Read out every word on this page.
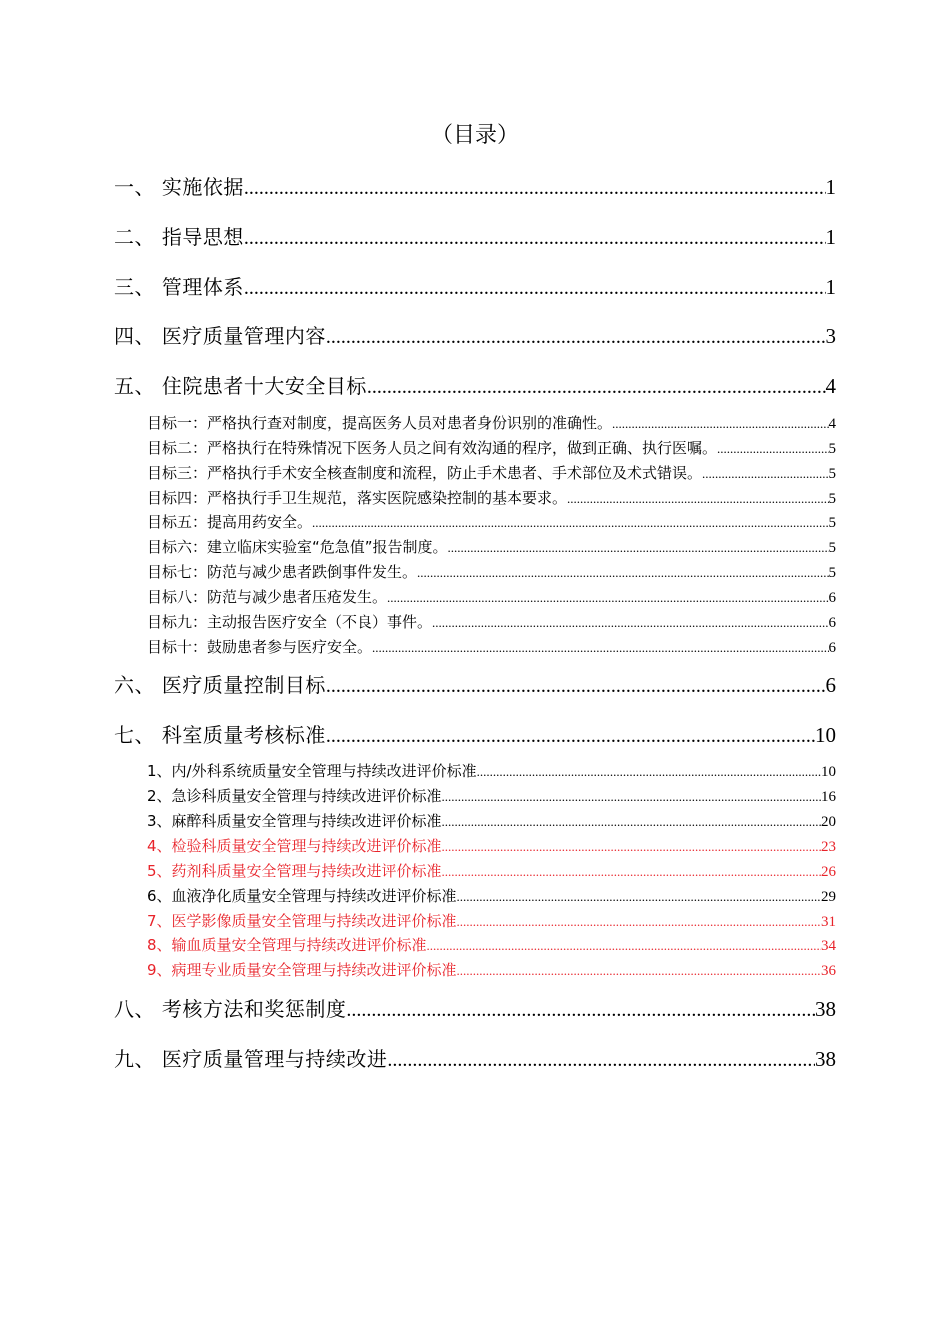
（目录）
一、 实施依据 .....	1
二、 指导思想 .....	1
三、 管理体系 .....	1
四、 医疗质量管理内容 .....	3
五、 住院患者十大安全目标 .....	4
目标一：严格执行查对制度，提高医务人员对患者身份识别的准确性。 .....	4
目标二：严格执行在特殊情况下医务人员之间有效沟通的程序，做到正确、执行医嘱。 .....	5
目标三：严格执行手术安全核查制度和流程，防止手术患者、手术部位及术式错误。 .....	5
目标四：严格执行手卫生规范，落实医院感染控制的基本要求。 .....	5
目标五：提高用药安全。 .....	5
目标六：建立临床实验室“危急值”报告制度。 .....	5
目标七：防范与减少患者跌倒事件发生。 .....	5
目标八：防范与减少患者压疮发生。 .....	6
目标九：主动报告医疗安全（不良）事件。 .....	6
目标十：鼓励患者参与医疗安全。 .....	6
六、 医疗质量控制目标 .....	6
七、 科室质量考核标准 .....	10
1、内/外科系统质量安全管理与持续改进评价标准 .....	10
2、急诊科质量安全管理与持续改进评价标准 .....	16
3、麻醉科质量安全管理与持续改进评价标准 .....	20
4、检验科质量安全管理与持续改进评价标准 .....	23
5、药剂科质量安全管理与持续改进评价标准 .....	26
6、血液净化质量安全管理与持续改进评价标准 .....	29
7、医学影像质量安全管理与持续改进评价标准 .....	31
8、输血质量安全管理与持续改进评价标准 .....	34
9、病理专业质量安全管理与持续改进评价标准 .....	36
八、 考核方法和奖惩制度 .....	38
九、 医疗质量管理与持续改进 .....	38
